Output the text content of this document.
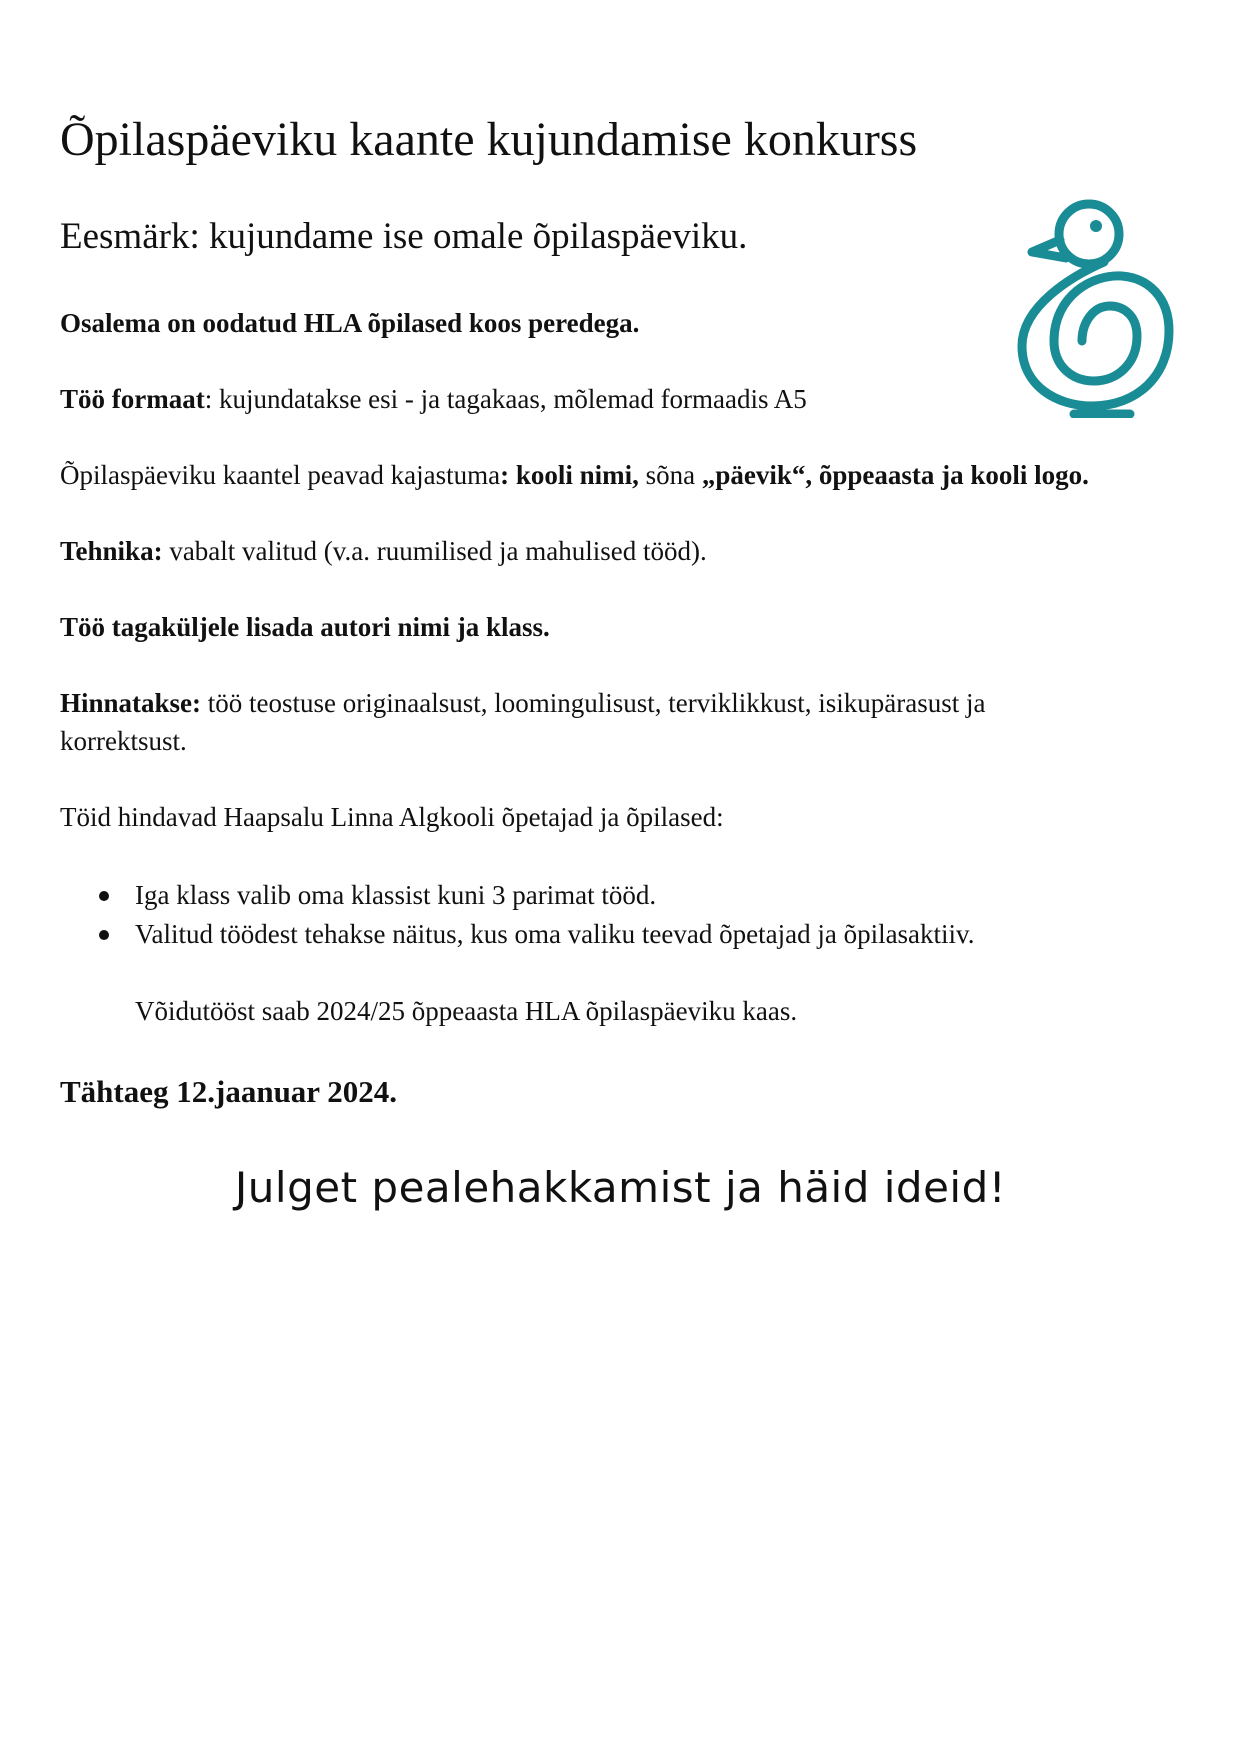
Õpilaspäeviku kaante kujundamise konkurss
Eesmärk: kujundame ise omale õpilaspäeviku.
Osalema on oodatud HLA õpilased koos peredega.
Töö formaat: kujundatakse esi - ja tagakaas, mõlemad formaadis A5
Õpilaspäeviku kaantel peavad kajastuma: kooli nimi, sõna „päevik“, õppeaasta ja kooli logo.
Tehnika: vabalt valitud (v.a. ruumilised ja mahulised tööd).
Töö tagaküljele lisada autori nimi ja klass.
Hinnatakse: töö teostuse originaalsust, loomingulisust, terviklikkust, isikupärasust ja korrektsust.
Töid hindavad Haapsalu Linna Algkooli õpetajad ja õpilased:
Iga klass valib oma klassist kuni 3 parimat tööd.
Valitud töödest tehakse näitus, kus oma valiku teevad õpetajad ja õpilasaktiiv.
Võidutööst saab 2024/25 õppeaasta HLA õpilaspäeviku kaas.
Tähtaeg 12.jaanuar 2024.
Julget pealehakkamist ja häid ideid!
